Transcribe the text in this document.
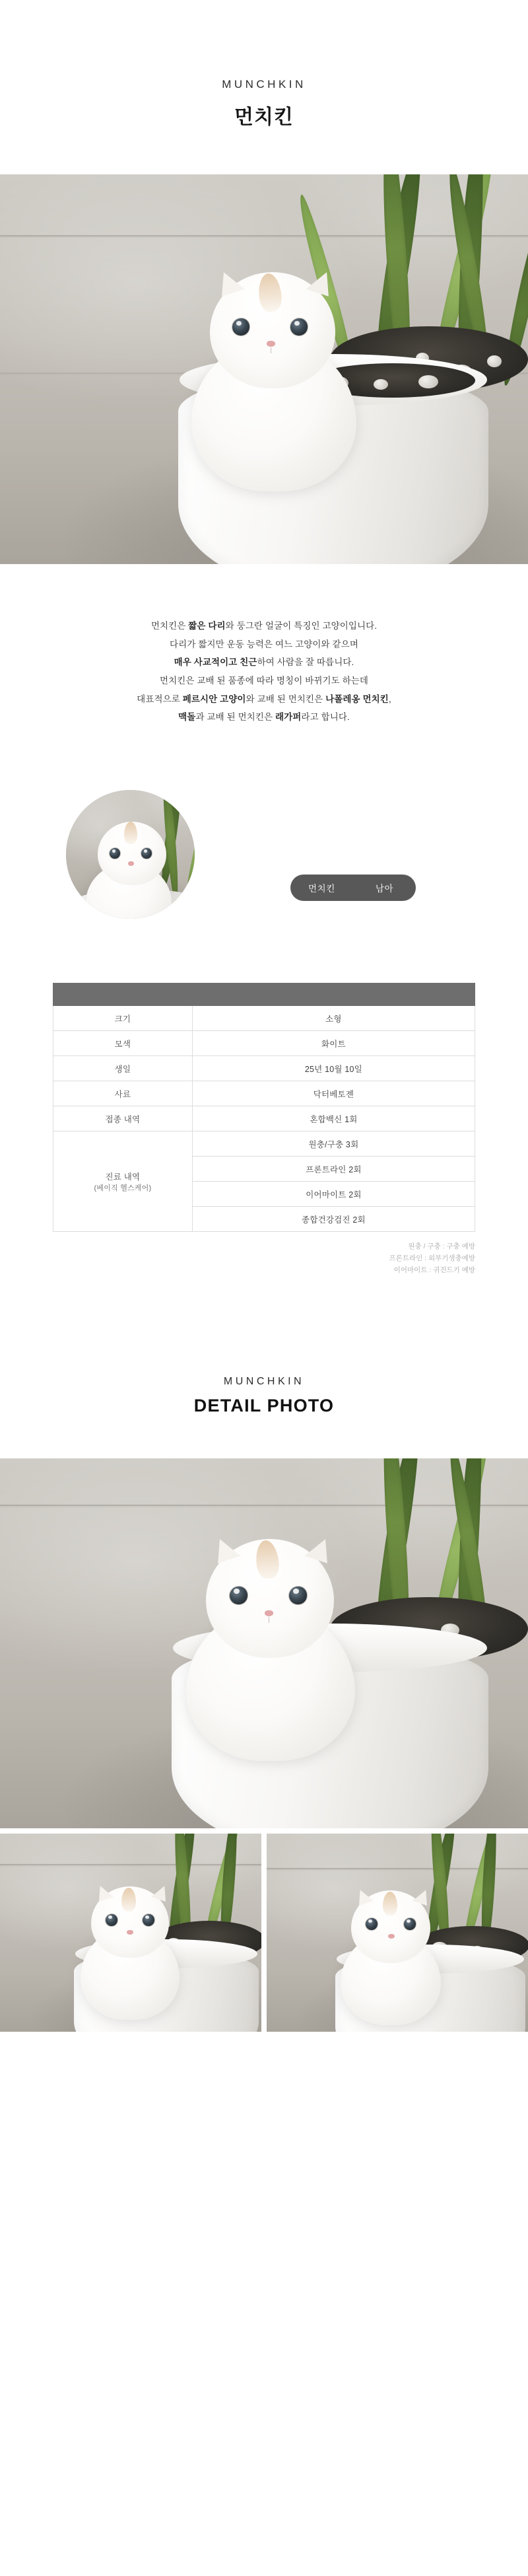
MUNCHKIN
먼치킨
먼치킨은 짧은 다리와 둥그란 얼굴이 특징인 고양이입니다.
다리가 짧지만 운동 능력은 여느 고양이와 같으며
매우 사교적이고 친근하여 사람을 잘 따릅니다.
먼치킨은 교배 된 품종에 따라 명칭이 바뀌기도 하는데
대표적으로 페르시안 고양이와 교배 된 먼치킨은 나폴레옹 먼치킨,
맥돌과 교배 된 먼치킨은 래가퍼라고 합니다.
먼치킨	남아

크기	소형
모색	화이트
생일	25년 10월 10일
사료	닥터베토젠
접종 내역	혼합백신 1회
진료 내역
(베이직 헬스케어)	원충/구충 3회
	프론트라인 2회
	이어마이트 2회
	종합건강검진 2회
원충 / 구충 : 구충 예방
프론트라인 : 외부기생충예방
이어마이트 : 귀진드기 예방
MUNCHKIN
DETAIL PHOTO
